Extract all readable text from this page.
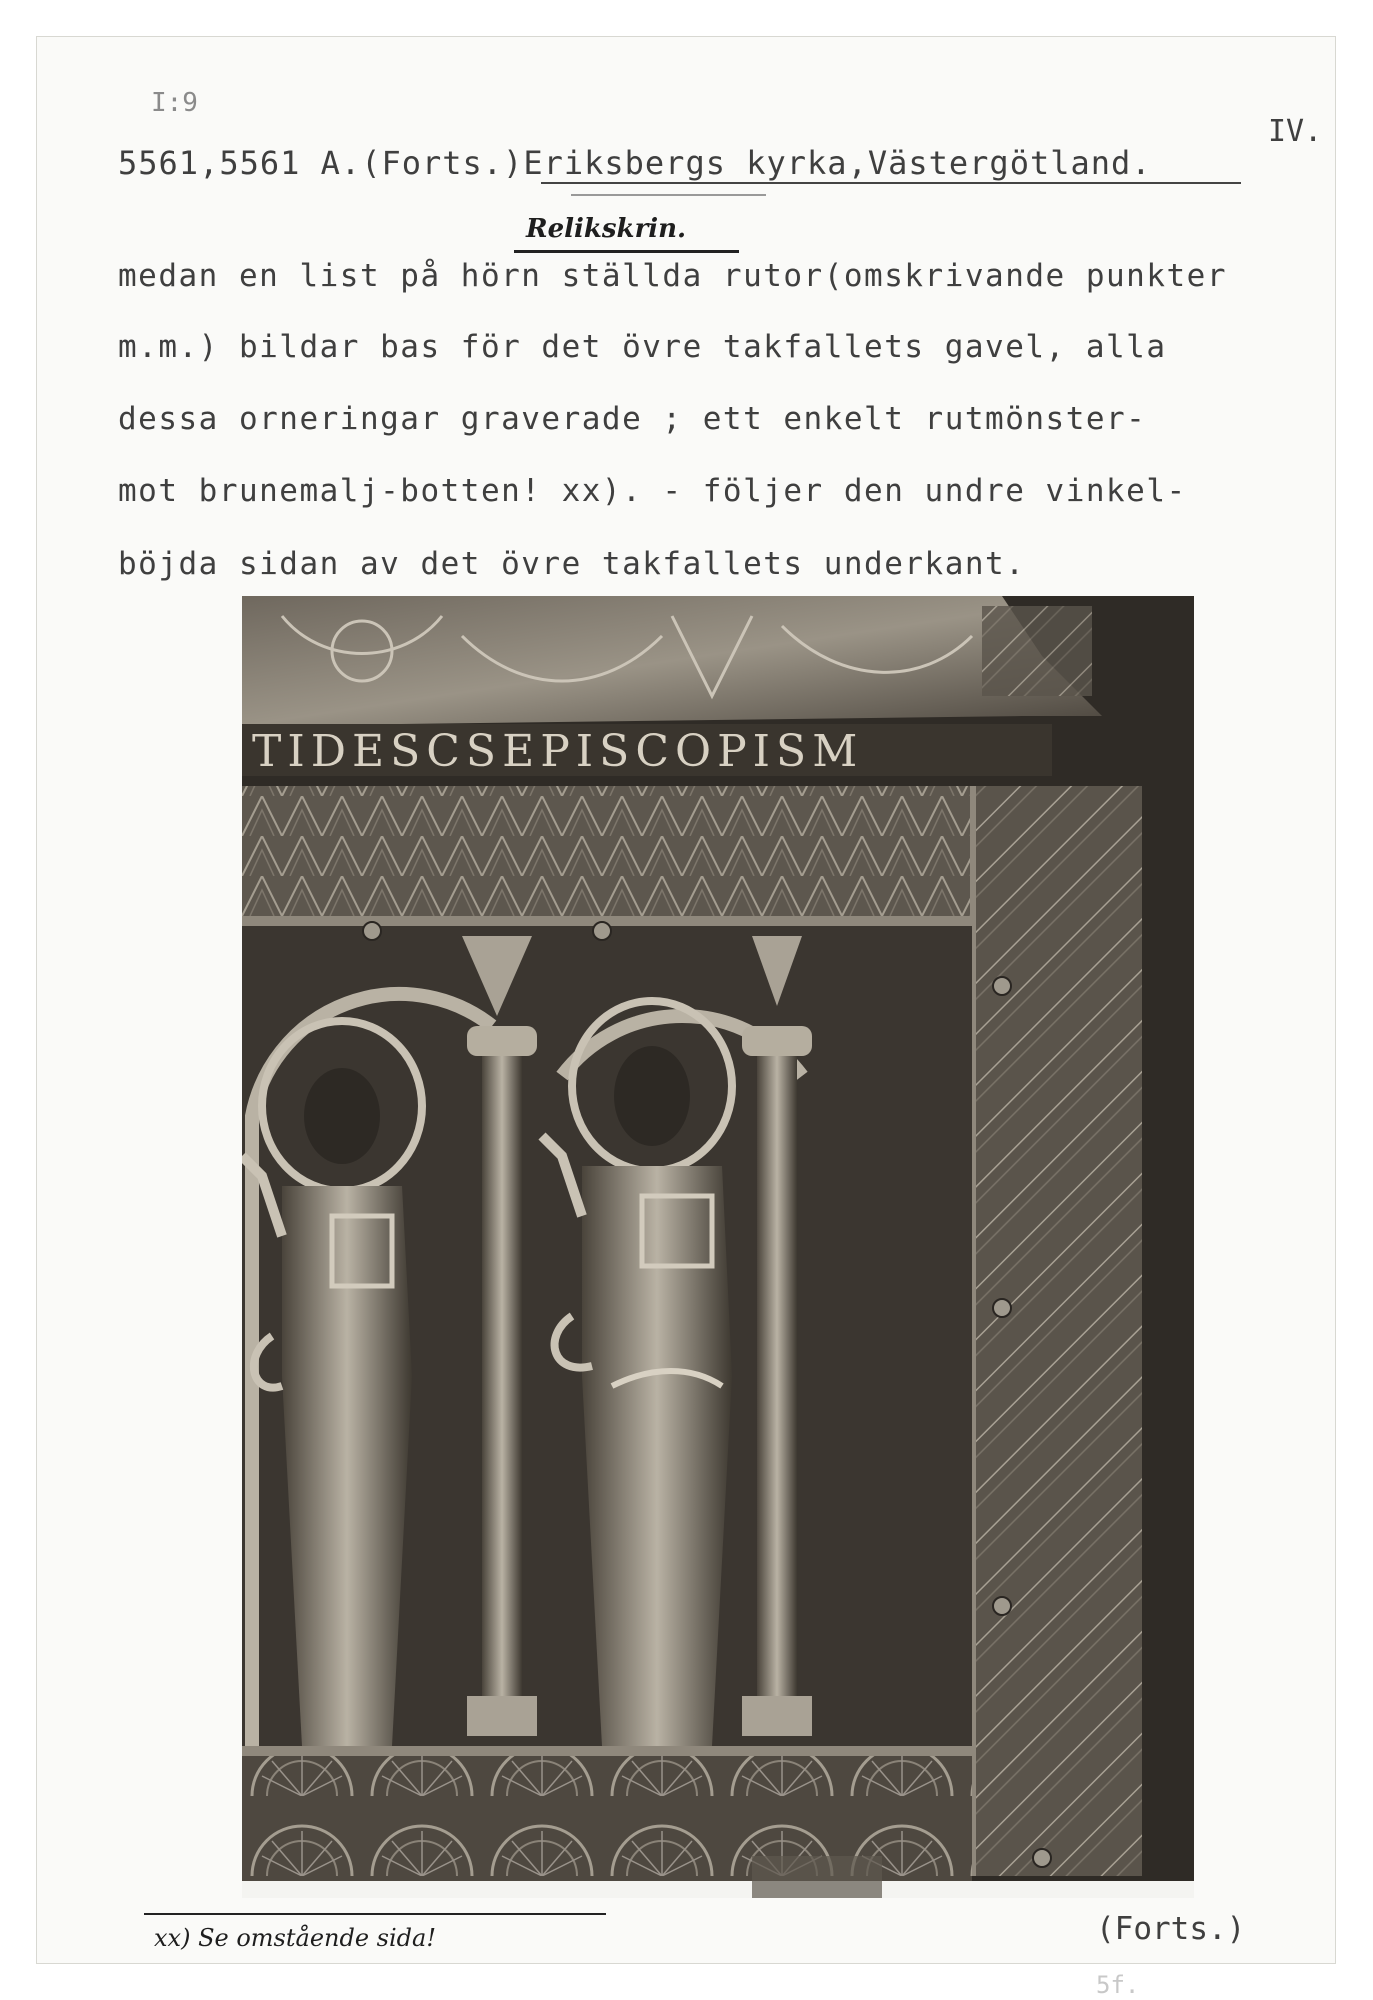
I:9
IV.
5561,5561 A.(Forts.)Eriksbergs kyrka,Västergötland.
Relikskrin.
medan en list på hörn ställda rutor(omskrivande punkter
m.m.) bildar bas för det övre takfallets gavel, alla
dessa orneringar graverade ; ett enkelt rutmönster-
mot brunemalj-botten! xx). - följer den undre vinkel-
böjda sidan av det övre takfallets underkant.
TIDESCSEPISCOPISM
xx) Se omstående sida!	(Forts.)
5f.
